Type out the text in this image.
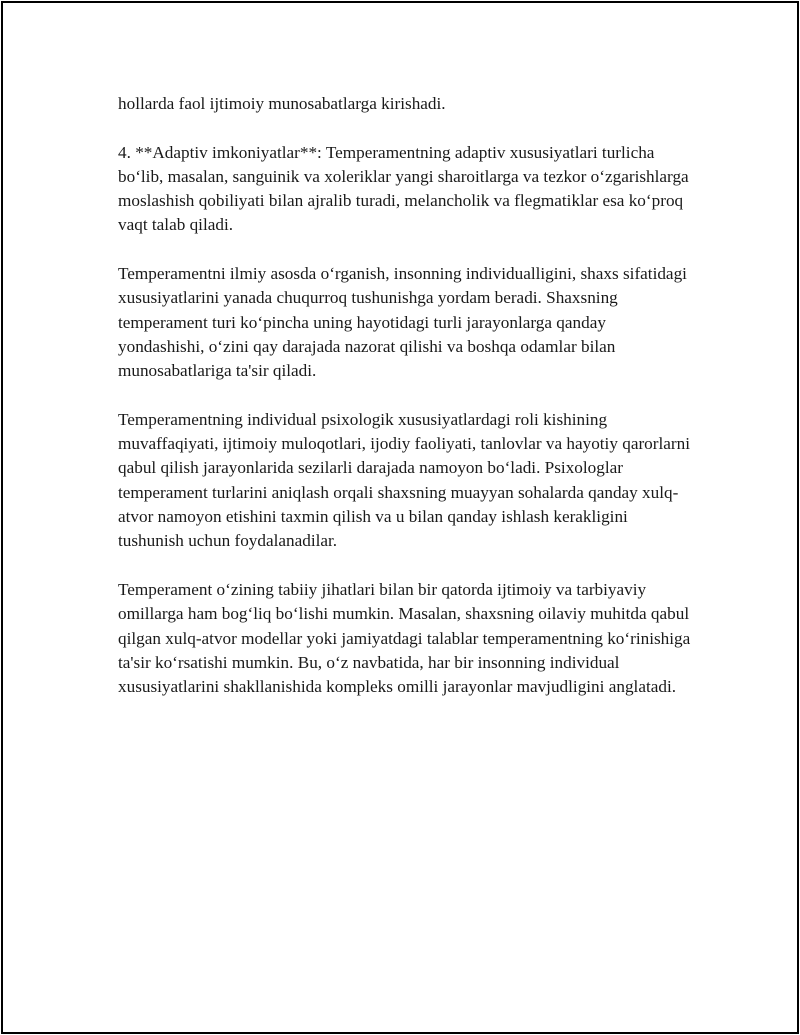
hollarda faol ijtimoiy munosabatlarga kirishadi.

4. **Adaptiv imkoniyatlar**: Temperamentning adaptiv xususiyatlari turlicha bo‘lib, masalan, sanguinik va xoleriklar yangi sharoitlarga va tezkor o‘zgarishlarga moslashish qobiliyati bilan ajralib turadi, melancholik va flegmatiklar esa ko‘proq vaqt talab qiladi.

Temperamentni ilmiy asosda o‘rganish, insonning individualligini, shaxs sifatidagi xususiyatlarini yanada chuqurroq tushunishga yordam beradi. Shaxsning temperament turi ko‘pincha uning hayotidagi turli jarayonlarga qanday yondashishi, o‘zini qay darajada nazorat qilishi va boshqa odamlar bilan munosabatlariga ta'sir qiladi.

Temperamentning individual psixologik xususiyatlardagi roli kishining muvaffaqiyati, ijtimoiy muloqotlari, ijodiy faoliyati, tanlovlar va hayotiy qarorlarni qabul qilish jarayonlarida sezilarli darajada namoyon bo‘ladi. Psixologlar temperament turlarini aniqlash orqali shaxsning muayyan sohalarda qanday xulq-atvor namoyon etishini taxmin qilish va u bilan qanday ishlash kerakligini tushunish uchun foydalanadilar.

Temperament o‘zining tabiiy jihatlari bilan bir qatorda ijtimoiy va tarbiyaviy omillarga ham bog‘liq bo‘lishi mumkin. Masalan, shaxsning oilaviy muhitda qabul qilgan xulq-atvor modellar yoki jamiyatdagi talablar temperamentning ko‘rinishiga ta'sir ko‘rsatishi mumkin. Bu, o‘z navbatida, har bir insonning individual xususiyatlarini shakllanishida kompleks omilli jarayonlar mavjudligini anglatadi.
